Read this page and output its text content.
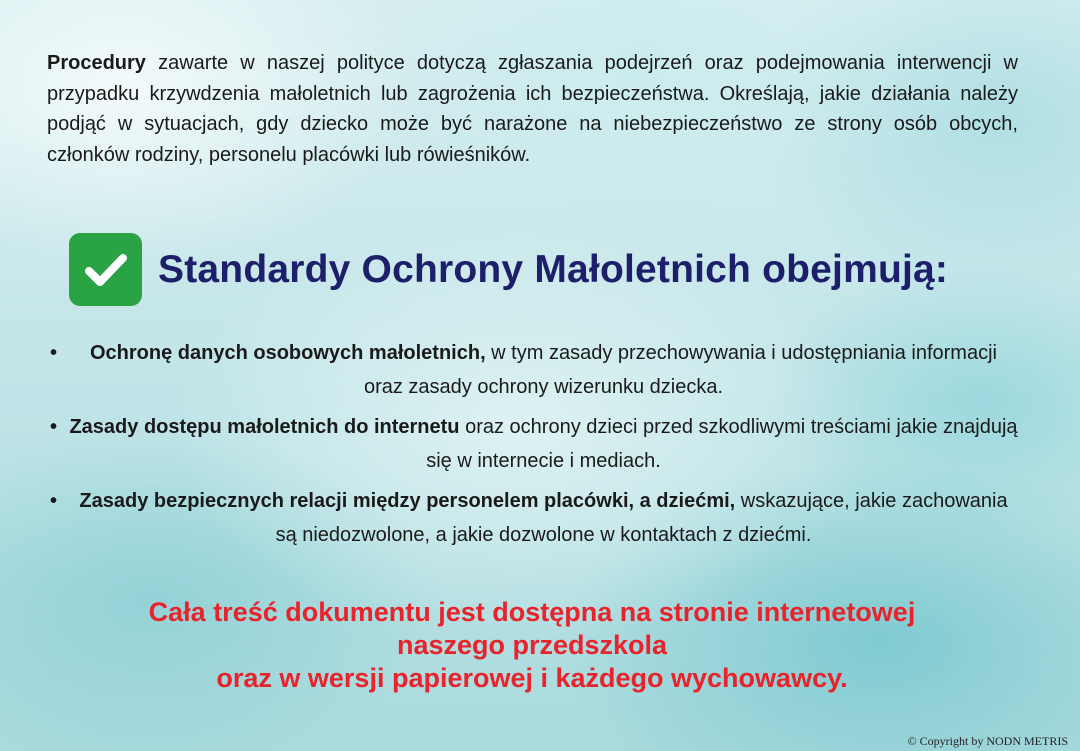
Procedury zawarte w naszej polityce dotyczą zgłaszania podejrzeń oraz podejmowania interwencji w przypadku krzywdzenia małoletnich lub zagrożenia ich bezpieczeństwa. Określają, jakie działania należy podjąć w sytuacjach, gdy dziecko może być narażone na niebezpieczeństwo ze strony osób obcych, członków rodziny, personelu placówki lub rówieśników.

Standardy Ochrony Małoletnich obejmują:
• Ochronę danych osobowych małoletnich, w tym zasady przechowywania i udostępniania informacji oraz zasady ochrony wizerunku dziecka.
• Zasady dostępu małoletnich do internetu oraz ochrony dzieci przed szkodliwymi treściami jakie znajdują się w internecie i mediach.
• Zasady bezpiecznych relacji między personelem placówki, a dziećmi, wskazujące, jakie zachowania są niedozwolone, a jakie dozwolone w kontaktach z dziećmi.
Cała treść dokumentu jest dostępna na stronie internetowej
naszego przedszkola
oraz w wersji papierowej i każdego wychowawcy.
© Copyright by NODN METRIS
